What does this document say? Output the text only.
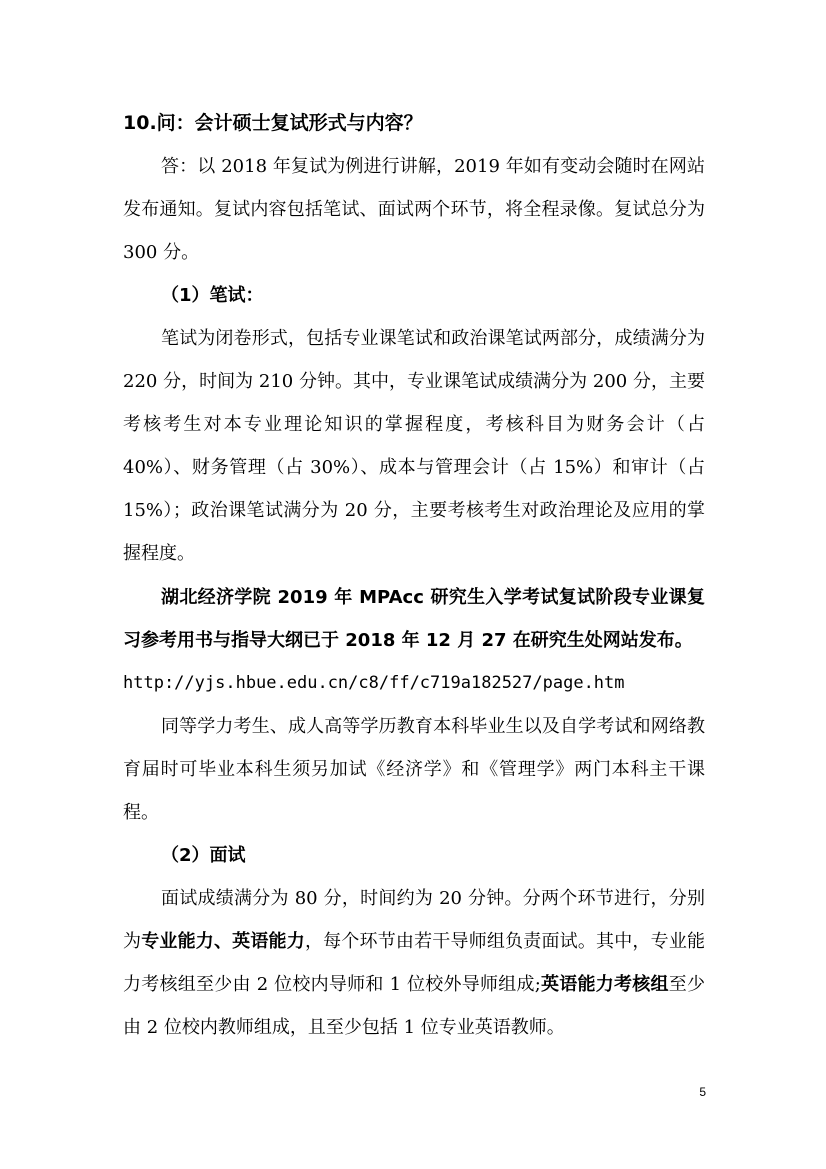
10.问：会计硕士复试形式与内容？
答：以 2018 年复试为例进行讲解，2019 年如有变动会随时在网站发布通知。复试内容包括笔试、面试两个环节，将全程录像。复试总分为 300 分。
（1）笔试：
笔试为闭卷形式，包括专业课笔试和政治课笔试两部分，成绩满分为 220 分，时间为 210 分钟。其中，专业课笔试成绩满分为 200 分，主要考核考生对本专业理论知识的掌握程度，考核科目为财务会计（占 40%）、财务管理（占 30%）、成本与管理会计（占 15%）和审计（占 15%）；政治课笔试满分为 20 分，主要考核考生对政治理论及应用的掌握程度。
湖北经济学院 2019 年 MPAcc 研究生入学考试复试阶段专业课复习参考用书与指导大纲已于 2018 年 12 月 27 在研究生处网站发布。
http://yjs.hbue.edu.cn/c8/ff/c719a182527/page.htm
同等学力考生、成人高等学历教育本科毕业生以及自学考试和网络教育届时可毕业本科生须另加试《经济学》和《管理学》两门本科主干课程。
（2）面试
面试成绩满分为 80 分，时间约为 20 分钟。分两个环节进行，分别为专业能力、英语能力，每个环节由若干导师组负责面试。其中，专业能力考核组至少由 2 位校内导师和 1 位校外导师组成;英语能力考核组至少由 2 位校内教师组成，且至少包括 1 位专业英语教师。
5
